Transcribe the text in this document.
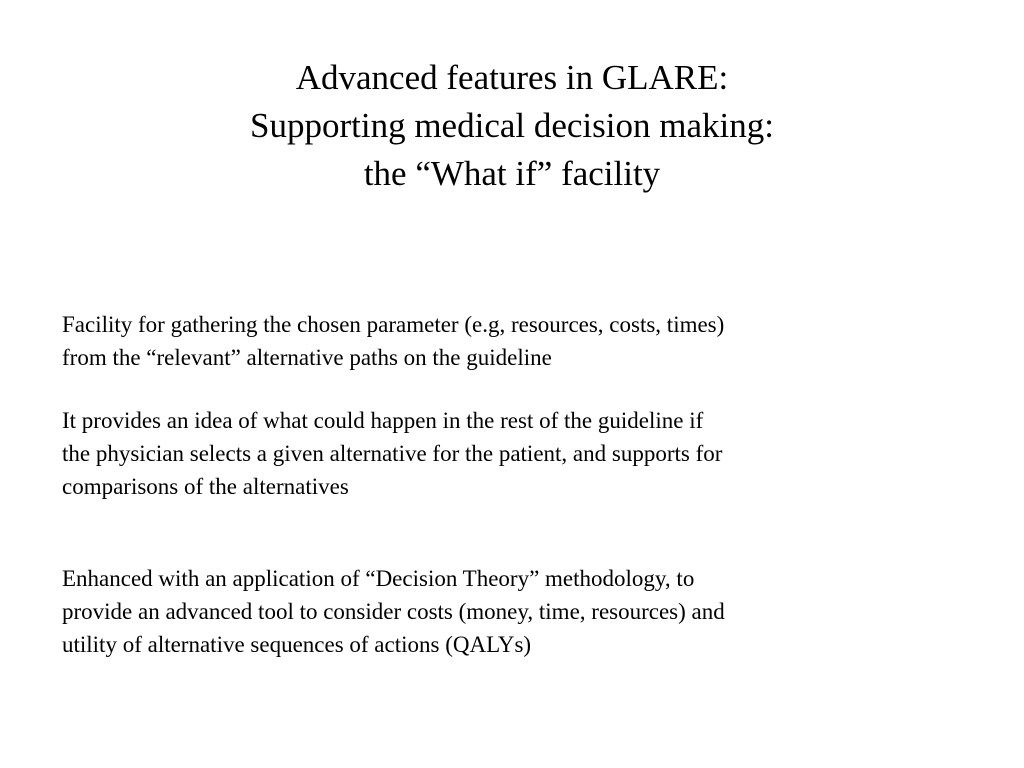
Advanced features in GLARE:
Supporting medical decision making:
the “What if” facility

Facility for gathering the chosen parameter (e.g, resources, costs, times)
from the “relevant” alternative paths on the guideline

It provides an idea of what could happen in the rest of the guideline if
the physician selects a given alternative for the patient, and supports for
comparisons of the alternatives

Enhanced with an application of “Decision Theory” methodology, to
provide an advanced tool to consider costs (money, time, resources) and
utility of alternative sequences of actions (QALYs)
